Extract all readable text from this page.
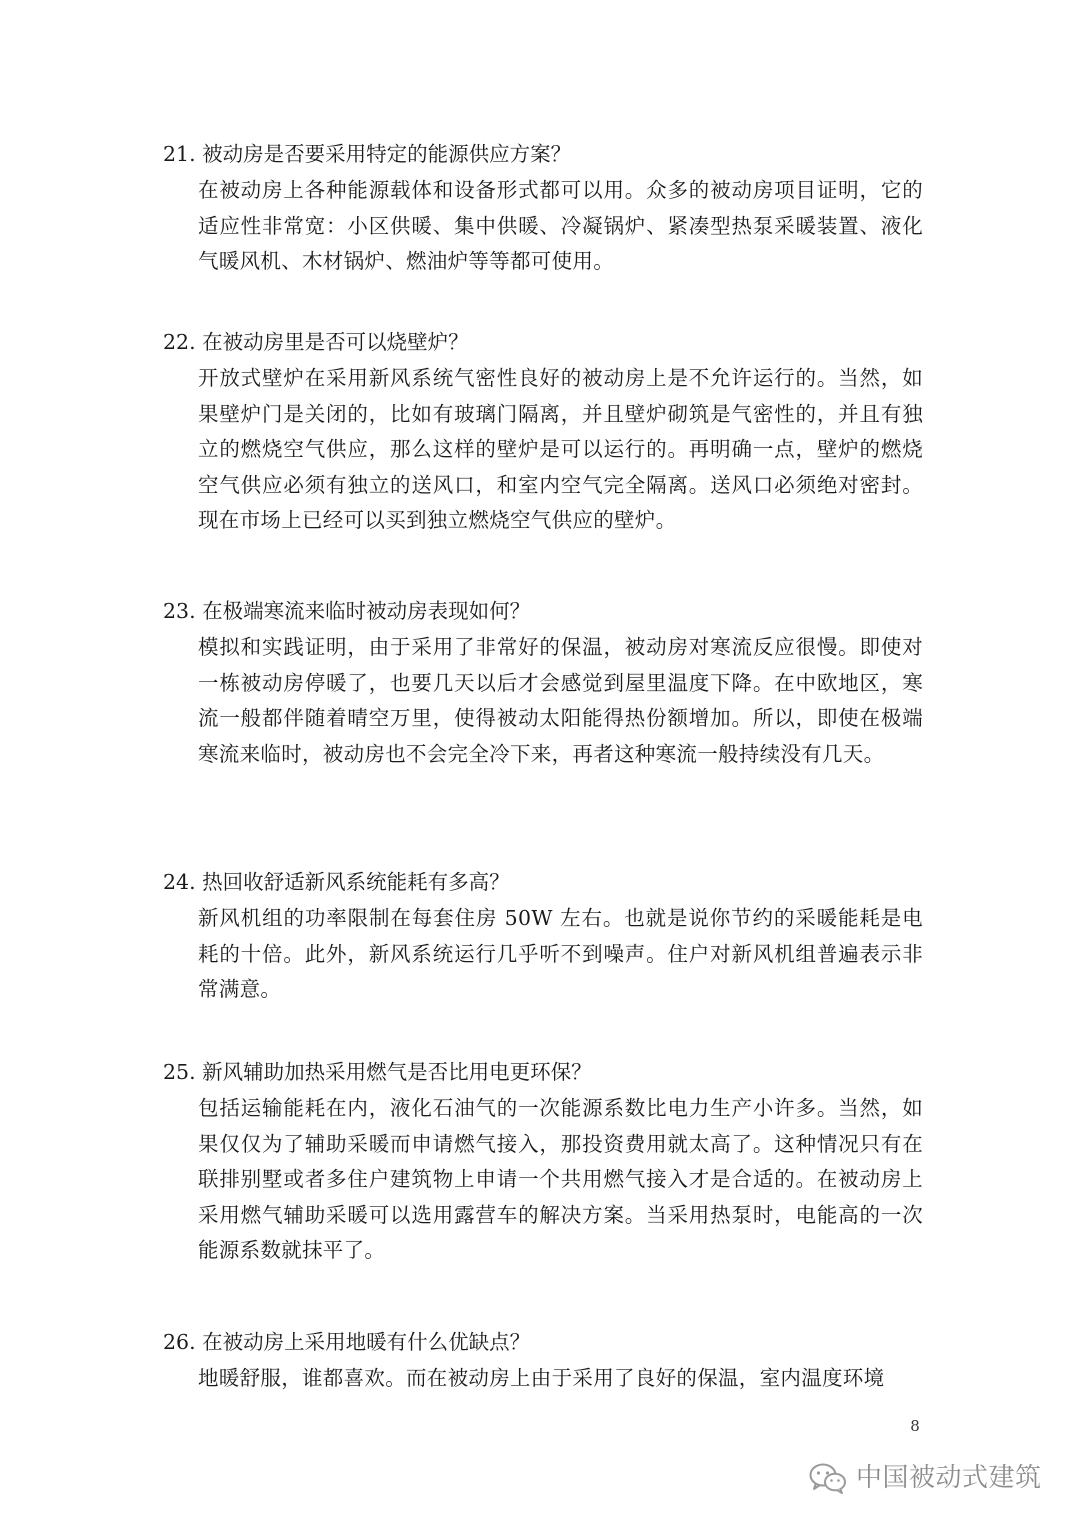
21. 被动房是否要采用特定的能源供应方案？

在被动房上各种能源载体和设备形式都可以用。众多的被动房项目证明，它的适应性非常宽：小区供暖、集中供暖、冷凝锅炉、紧凑型热泵采暖装置、液化气暖风机、木材锅炉、燃油炉等等都可使用。

22. 在被动房里是否可以烧壁炉？

开放式壁炉在采用新风系统气密性良好的被动房上是不允许运行的。当然，如果壁炉门是关闭的，比如有玻璃门隔离，并且壁炉砌筑是气密性的，并且有独立的燃烧空气供应，那么这样的壁炉是可以运行的。再明确一点，壁炉的燃烧空气供应必须有独立的送风口，和室内空气完全隔离。送风口必须绝对密封。现在市场上已经可以买到独立燃烧空气供应的壁炉。

23. 在极端寒流来临时被动房表现如何？

模拟和实践证明，由于采用了非常好的保温，被动房对寒流反应很慢。即使对一栋被动房停暖了，也要几天以后才会感觉到屋里温度下降。在中欧地区，寒流一般都伴随着晴空万里，使得被动太阳能得热份额增加。所以，即使在极端寒流来临时，被动房也不会完全冷下来，再者这种寒流一般持续没有几天。

24. 热回收舒适新风系统能耗有多高？

新风机组的功率限制在每套住房 50W 左右。也就是说你节约的采暖能耗是电耗的十倍。此外，新风系统运行几乎听不到噪声。住户对新风机组普遍表示非常满意。

25. 新风辅助加热采用燃气是否比用电更环保？

包括运输能耗在内，液化石油气的一次能源系数比电力生产小许多。当然，如果仅仅为了辅助采暖而申请燃气接入，那投资费用就太高了。这种情况只有在联排别墅或者多住户建筑物上申请一个共用燃气接入才是合适的。在被动房上采用燃气辅助采暖可以选用露营车的解决方案。当采用热泵时，电能高的一次能源系数就抹平了。

26. 在被动房上采用地暖有什么优缺点？

地暖舒服，谁都喜欢。而在被动房上由于采用了良好的保温，室内温度环境

8
中国被动式建筑
